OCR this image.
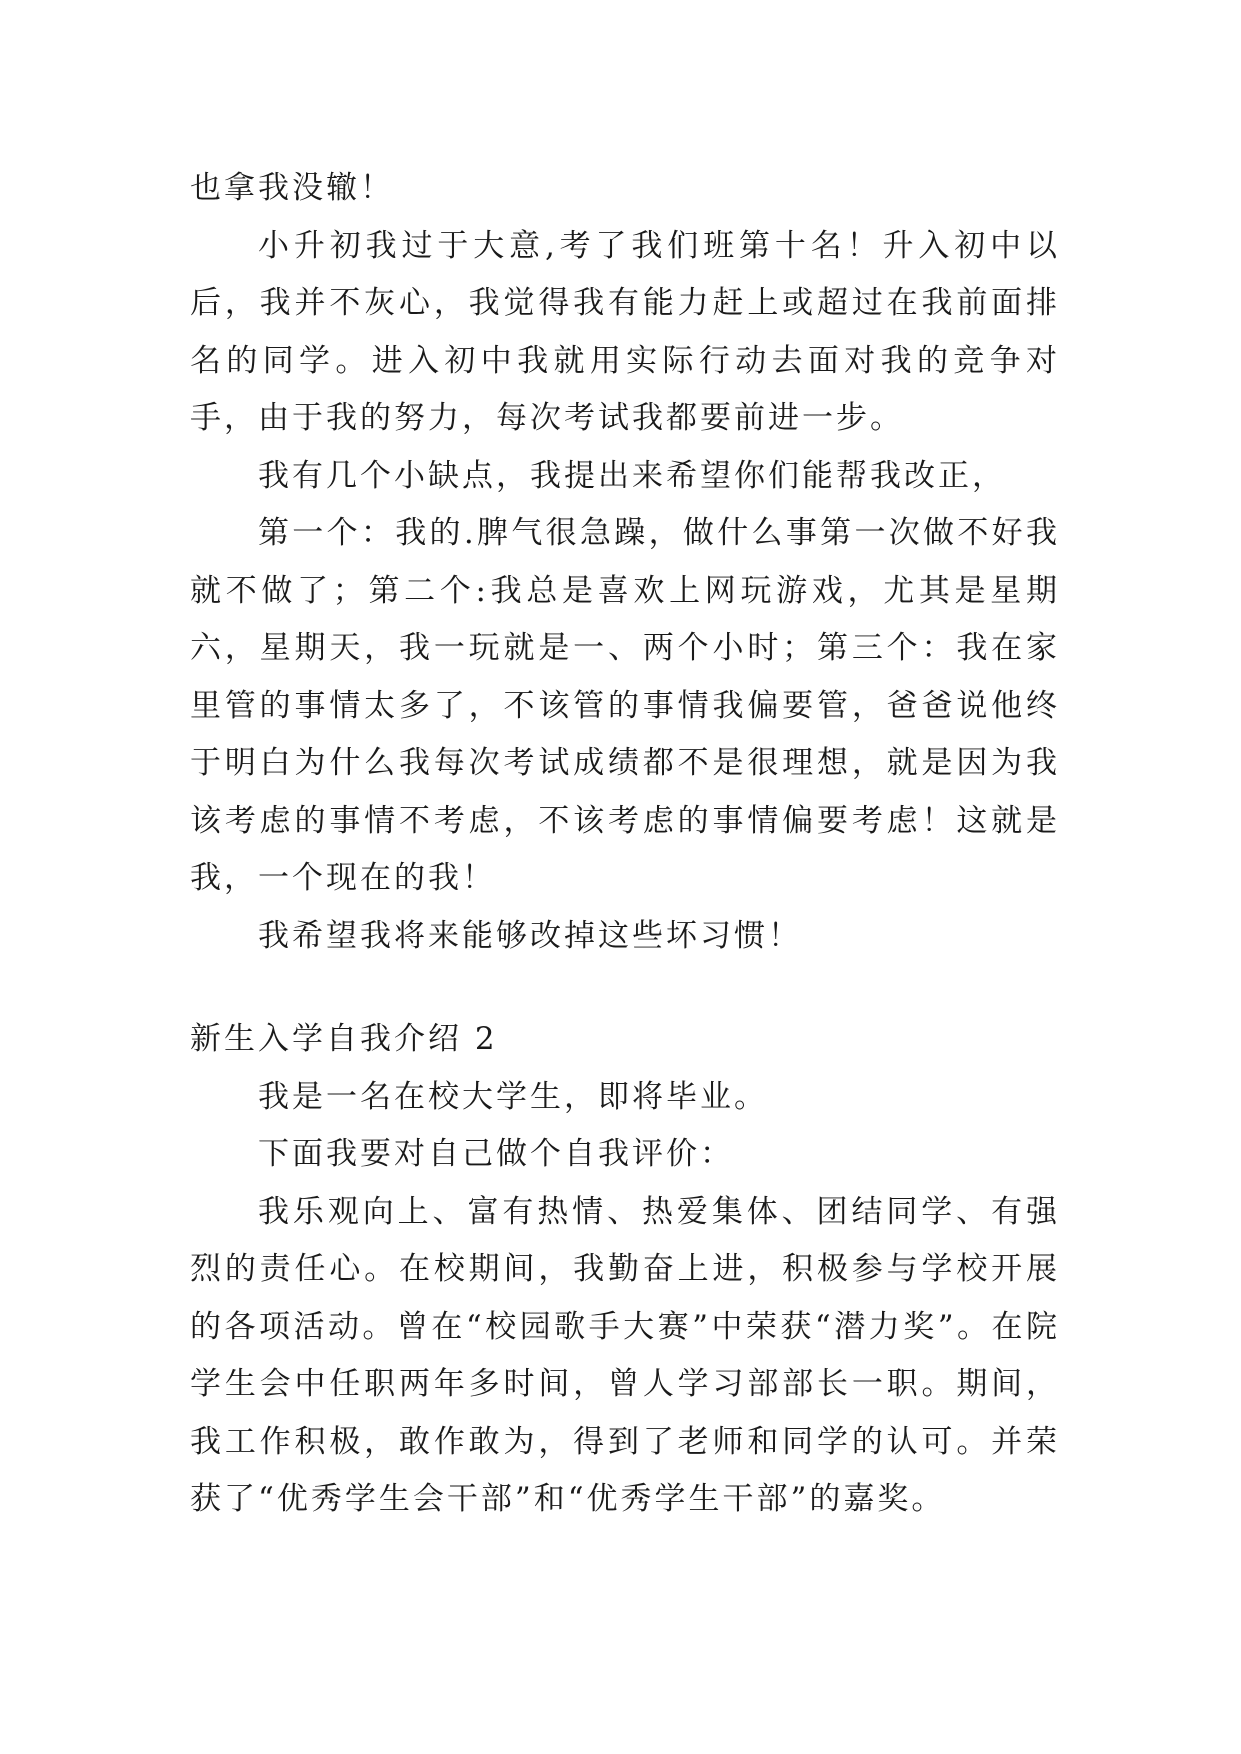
也拿我没辙！

小升初我过于大意,考了我们班第十名！升入初中以后，我并不灰心，我觉得我有能力赶上或超过在我前面排名的同学。进入初中我就用实际行动去面对我的竞争对手，由于我的努力，每次考试我都要前进一步。

我有几个小缺点，我提出来希望你们能帮我改正，

第一个：我的.脾气很急躁，做什么事第一次做不好我就不做了；第二个:我总是喜欢上网玩游戏，尤其是星期六，星期天，我一玩就是一、两个小时；第三个：我在家里管的事情太多了，不该管的事情我偏要管，爸爸说他终于明白为什么我每次考试成绩都不是很理想，就是因为我该考虑的事情不考虑，不该考虑的事情偏要考虑！这就是我，一个现在的我！

我希望我将来能够改掉这些坏习惯！

新生入学自我介绍 2

我是一名在校大学生，即将毕业。

下面我要对自己做个自我评价：

我乐观向上、富有热情、热爱集体、团结同学、有强烈的责任心。在校期间，我勤奋上进，积极参与学校开展的各项活动。曾在“校园歌手大赛”中荣获“潜力奖”。在院学生会中任职两年多时间，曾人学习部部长一职。期间，我工作积极，敢作敢为，得到了老师和同学的认可。并荣获了“优秀学生会干部”和“优秀学生干部”的嘉奖。
